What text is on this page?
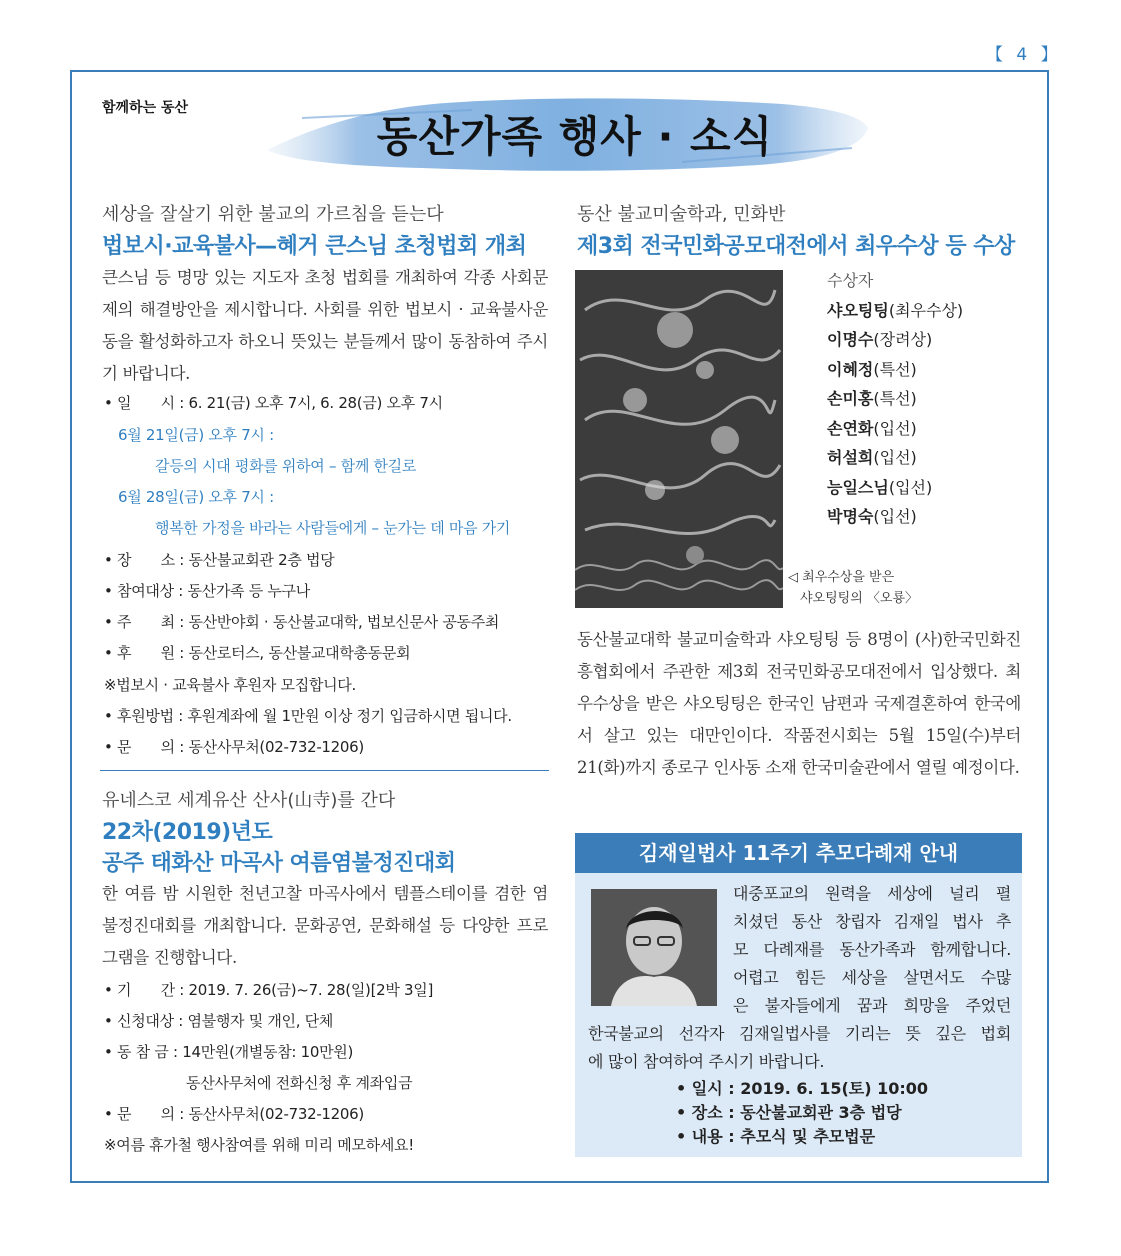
【 4 】
함께하는 동산
동산가족 행사 · 소식
세상을 잘살기 위한 불교의 가르침을 듣는다
법보시·교육불사—혜거 큰스님 초청법회 개최
큰스님 등 명망 있는 지도자 초청 법회를 개최하여 각종 사회문제의 해결방안을 제시합니다. 사회를 위한 법보시 · 교육불사운동을 활성화하고자 하오니 뜻있는 분들께서 많이 동참하여 주시기 바랍니다.
• 일　　시 : 6. 21(금) 오후 7시, 6. 28(금) 오후 7시
6월 21일(금) 오후 7시 :
갈등의 시대 평화를 위하여 – 함께 한길로
6월 28일(금) 오후 7시 :
행복한 가정을 바라는 사람들에게 – 눈가는 데 마음 가기
• 장　　소 : 동산불교회관 2층 법당
• 참여대상 : 동산가족 등 누구나
• 주　　최 : 동산반야회 · 동산불교대학, 법보신문사 공동주최
• 후　　원 : 동산로터스, 동산불교대학총동문회
※법보시 · 교육불사 후원자 모집합니다.
• 후원방법 : 후원계좌에 월 1만원 이상 정기 입금하시면 됩니다.
• 문　　의 : 동산사무처(02-732-1206)
유네스코 세계유산 산사(山寺)를 간다
22차(2019)년도
공주 태화산 마곡사 여름염불정진대회
한 여름 밤 시원한 천년고찰 마곡사에서 템플스테이를 겸한 염불정진대회를 개최합니다. 문화공연, 문화해설 등 다양한 프로그램을 진행합니다.
• 기　　간 : 2019. 7. 26(금)~7. 28(일)[2박 3일]
• 신청대상 : 염불행자 및 개인, 단체
• 동 참 금 : 14만원(개별동참: 10만원)
동산사무처에 전화신청 후 계좌입금
• 문　　의 : 동산사무처(02-732-1206)
※여름 휴가철 행사참여를 위해 미리 메모하세요!
동산 불교미술학과, 민화반
제3회 전국민화공모대전에서 최우수상 등 수상
수상자
샤오팅팅(최우수상)
이명수(장려상)
이혜정(특선)
손미홍(특선)
손연화(입선)
허설희(입선)
능일스님(입선)
박명숙(입선)
◁ 최우수상을 받은
샤오팅팅의 〈오룡〉
동산불교대학 불교미술학과 샤오팅팅 등 8명이 (사)한국민화진흥협회에서 주관한 제3회 전국민화공모대전에서 입상했다. 최우수상을 받은 샤오팅팅은 한국인 남편과 국제결혼하여 한국에서 살고 있는 대만인이다. 작품전시회는 5월 15일(수)부터 21(화)까지 종로구 인사동 소재 한국미술관에서 열릴 예정이다.
김재일법사 11주기 추모다례재 안내
대중포교의 원력을 세상에 널리 펼
치셨던 동산 창립자 김재일 법사 추
모 다례재를 동산가족과 함께합니다.
어렵고 힘든 세상을 살면서도 수많
은 불자들에게 꿈과 희망을 주었던
한국불교의 선각자 김재일법사를 기리는 뜻 깊은 법회
에 많이 참여하여 주시기 바랍니다.
• 일시 : 2019. 6. 15(토) 10:00
• 장소 : 동산불교회관 3층 법당
• 내용 : 추모식 및 추모법문
